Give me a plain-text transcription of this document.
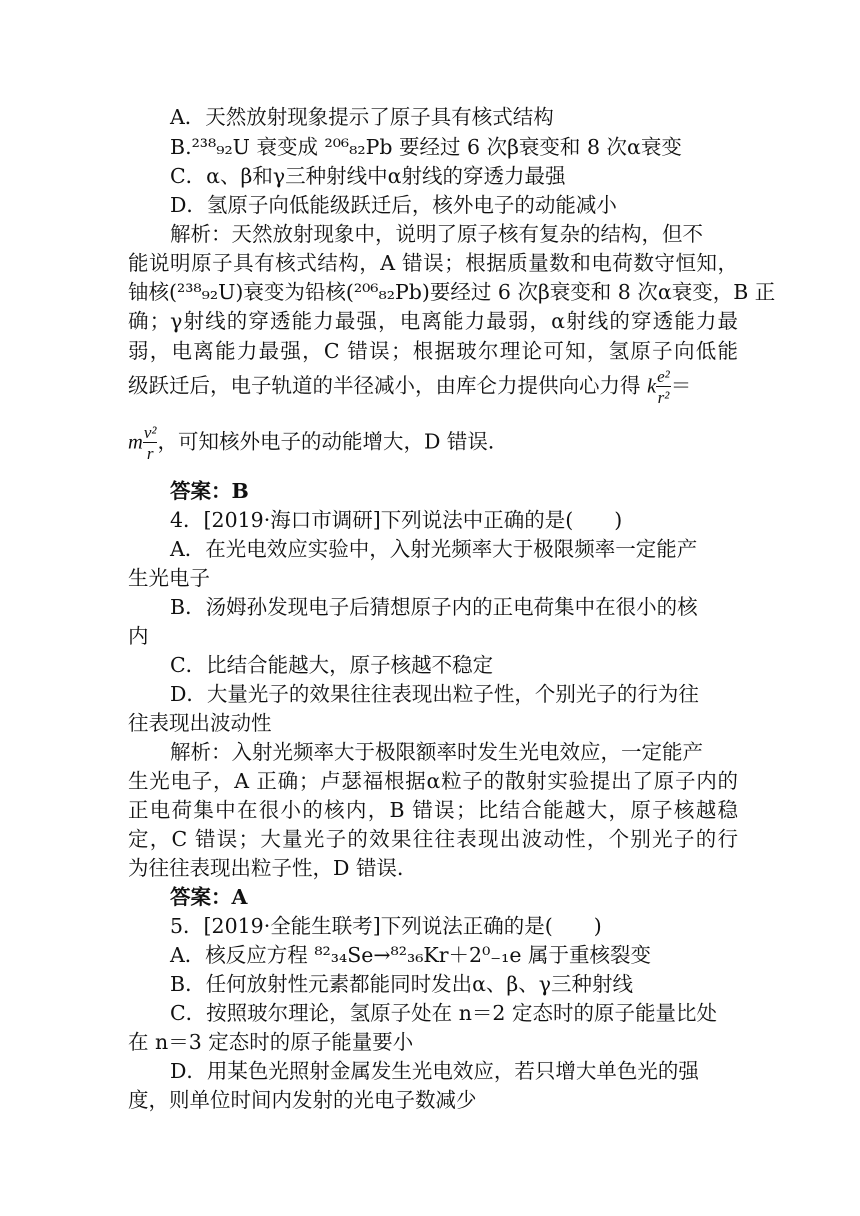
A．天然放射现象提示了原子具有核式结构
B.²³⁸₉₂U 衰变成 ²⁰⁶₈₂Pb 要经过 6 次β衰变和 8 次α衰变
C．α、β和γ三种射线中α射线的穿透力最强
D．氢原子向低能级跃迁后，核外电子的动能减小
解析：天然放射现象中，说明了原子核有复杂的结构，但不
能说明原子具有核式结构，A 错误；根据质量数和电荷数守恒知，
铀核(²³⁸₉₂U)衰变为铅核(²⁰⁶₈₂Pb)要经过 6 次β衰变和 8 次α衰变，B 正
确；γ射线的穿透能力最强，电离能力最弱，α射线的穿透能力最
弱，电离能力最强，C 错误；根据玻尔理论可知，氢原子向低能
级跃迁后，电子轨道的半径减小，由库仑力提供向心力得 k $\frac{\text{e²}}{\text{r²}}$ ＝
m $\frac{\text{v²}}{r}$ ，可知核外电子的动能增大，D 错误．
答案：B
4．[2019·海口市调研]下列说法中正确的是(　　)
A．在光电效应实验中，入射光频率大于极限频率一定能产
生光电子
B．汤姆孙发现电子后猜想原子内的正电荷集中在很小的核
内
C．比结合能越大，原子核越不稳定
D．大量光子的效果往往表现出粒子性，个别光子的行为往
往表现出波动性
解析：入射光频率大于极限额率时发生光电效应，一定能产
生光电子，A 正确；卢瑟福根据α粒子的散射实验提出了原子内的
正电荷集中在很小的核内，B 错误；比结合能越大，原子核越稳
定，C 错误；大量光子的效果往往表现出波动性，个别光子的行
为往往表现出粒子性，D 错误．
答案：A
5．[2019·全能生联考]下列说法正确的是(　　)
A．核反应方程 ⁸²₃₄Se→⁸²₃₆Kr＋2⁰₋₁e 属于重核裂变
B．任何放射性元素都能同时发出α、β、γ三种射线
C．按照玻尔理论，氢原子处在 n＝2 定态时的原子能量比处
在 n＝3 定态时的原子能量要小
D．用某色光照射金属发生光电效应，若只增大单色光的强
度，则单位时间内发射的光电子数减少
